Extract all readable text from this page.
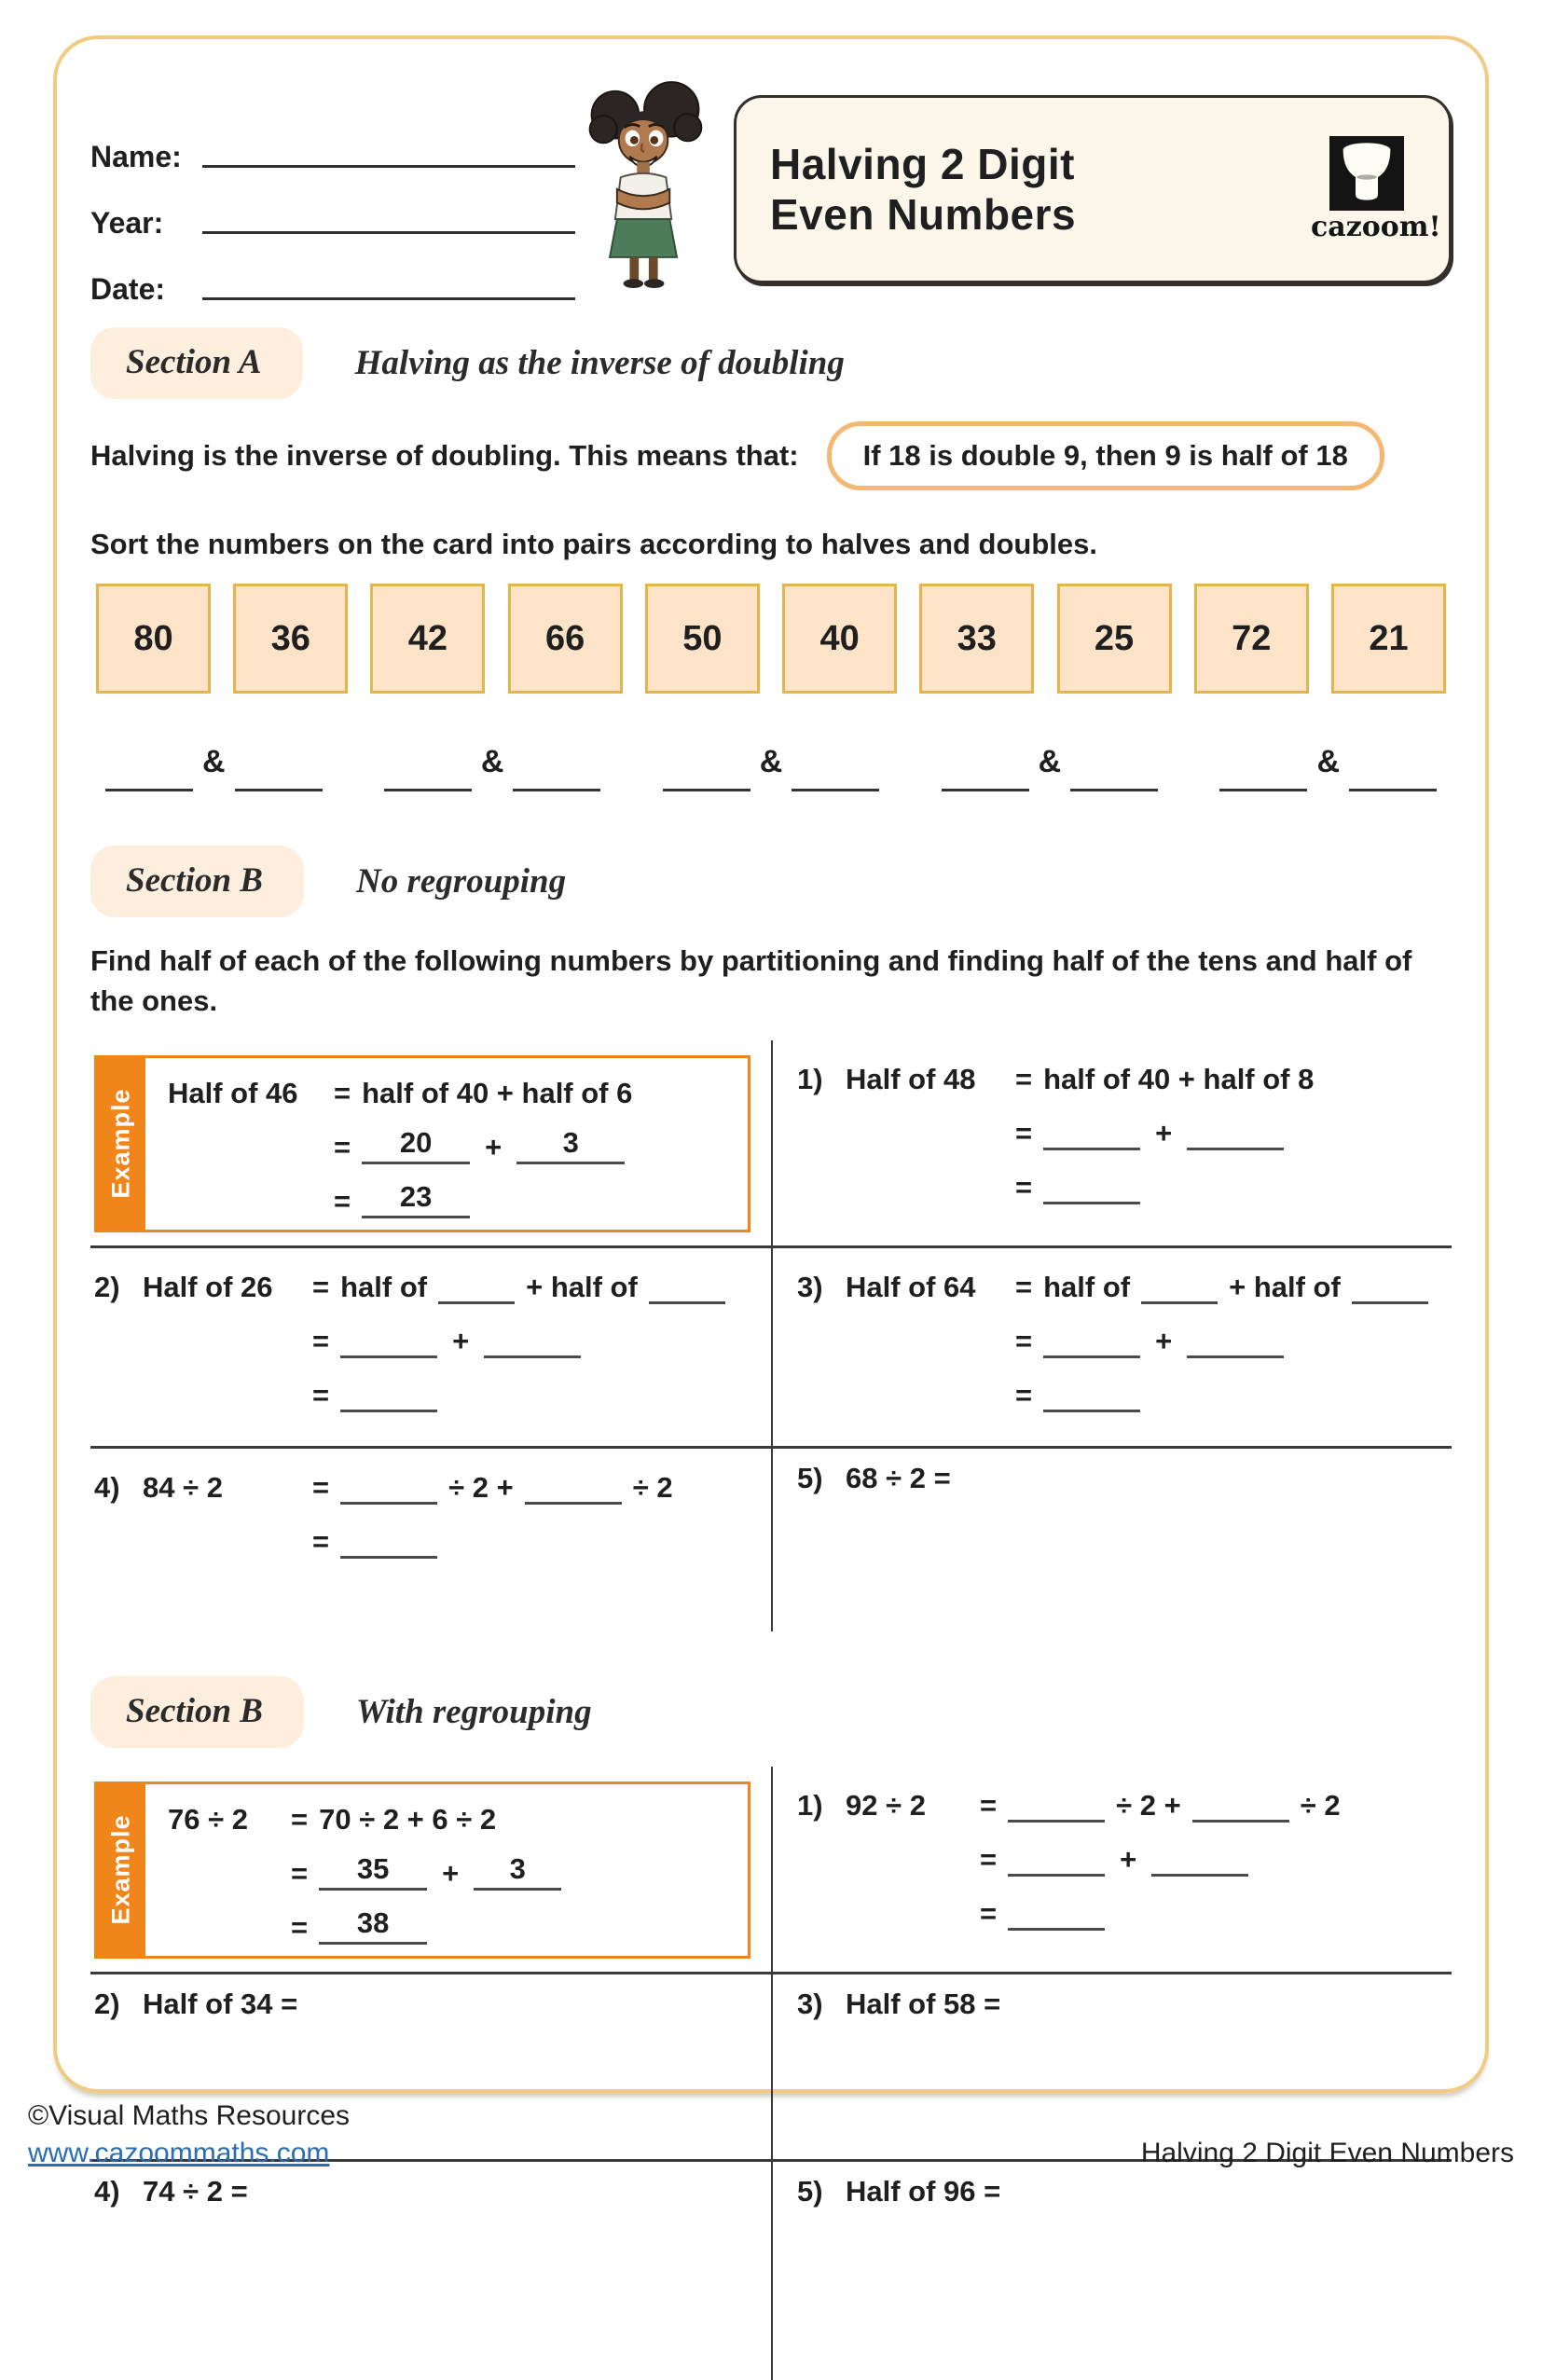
Name:
Year:
Date:
Halving 2 Digit
Even Numbers	cazoom!
Section A	Halving as the inverse of doubling
Halving is the inverse of doubling. This means that:	If 18 is double 9, then 9 is half of 18
Sort the numbers on the card into pairs according to halves and doubles.
80	36	42	66	50	40	33	25	72	21
&	&	&	&	&
Section B	No regrouping
Find half of each of the following numbers by partitioning and finding half of the tens and half of the ones.
Example Half of 46	= half of 40 + half of 6
=	20	+	3
=	23
1) Half of 48 = half of 40 + half of 8
=	+
=
2) Half of 26 = half of	+ half of
=	+
=
3) Half of 64 = half of	+ half of
=	+
=
4) 84 ÷ 2	=	÷ 2 +	÷ 2
=
5) 68 ÷ 2 =
Section B	With regrouping
Example 76 ÷ 2	= 70 ÷ 2 + 6 ÷ 2
=	35	+	3
=	38
1) 92 ÷ 2 =	÷ 2 +	÷ 2
=	+
=
2) Half of 34 =	3) Half of 58 =
4) 74 ÷ 2 =	5) Half of 96 =
©Visual Maths Resources
www.cazoommaths.com	Halving 2 Digit Even Numbers
